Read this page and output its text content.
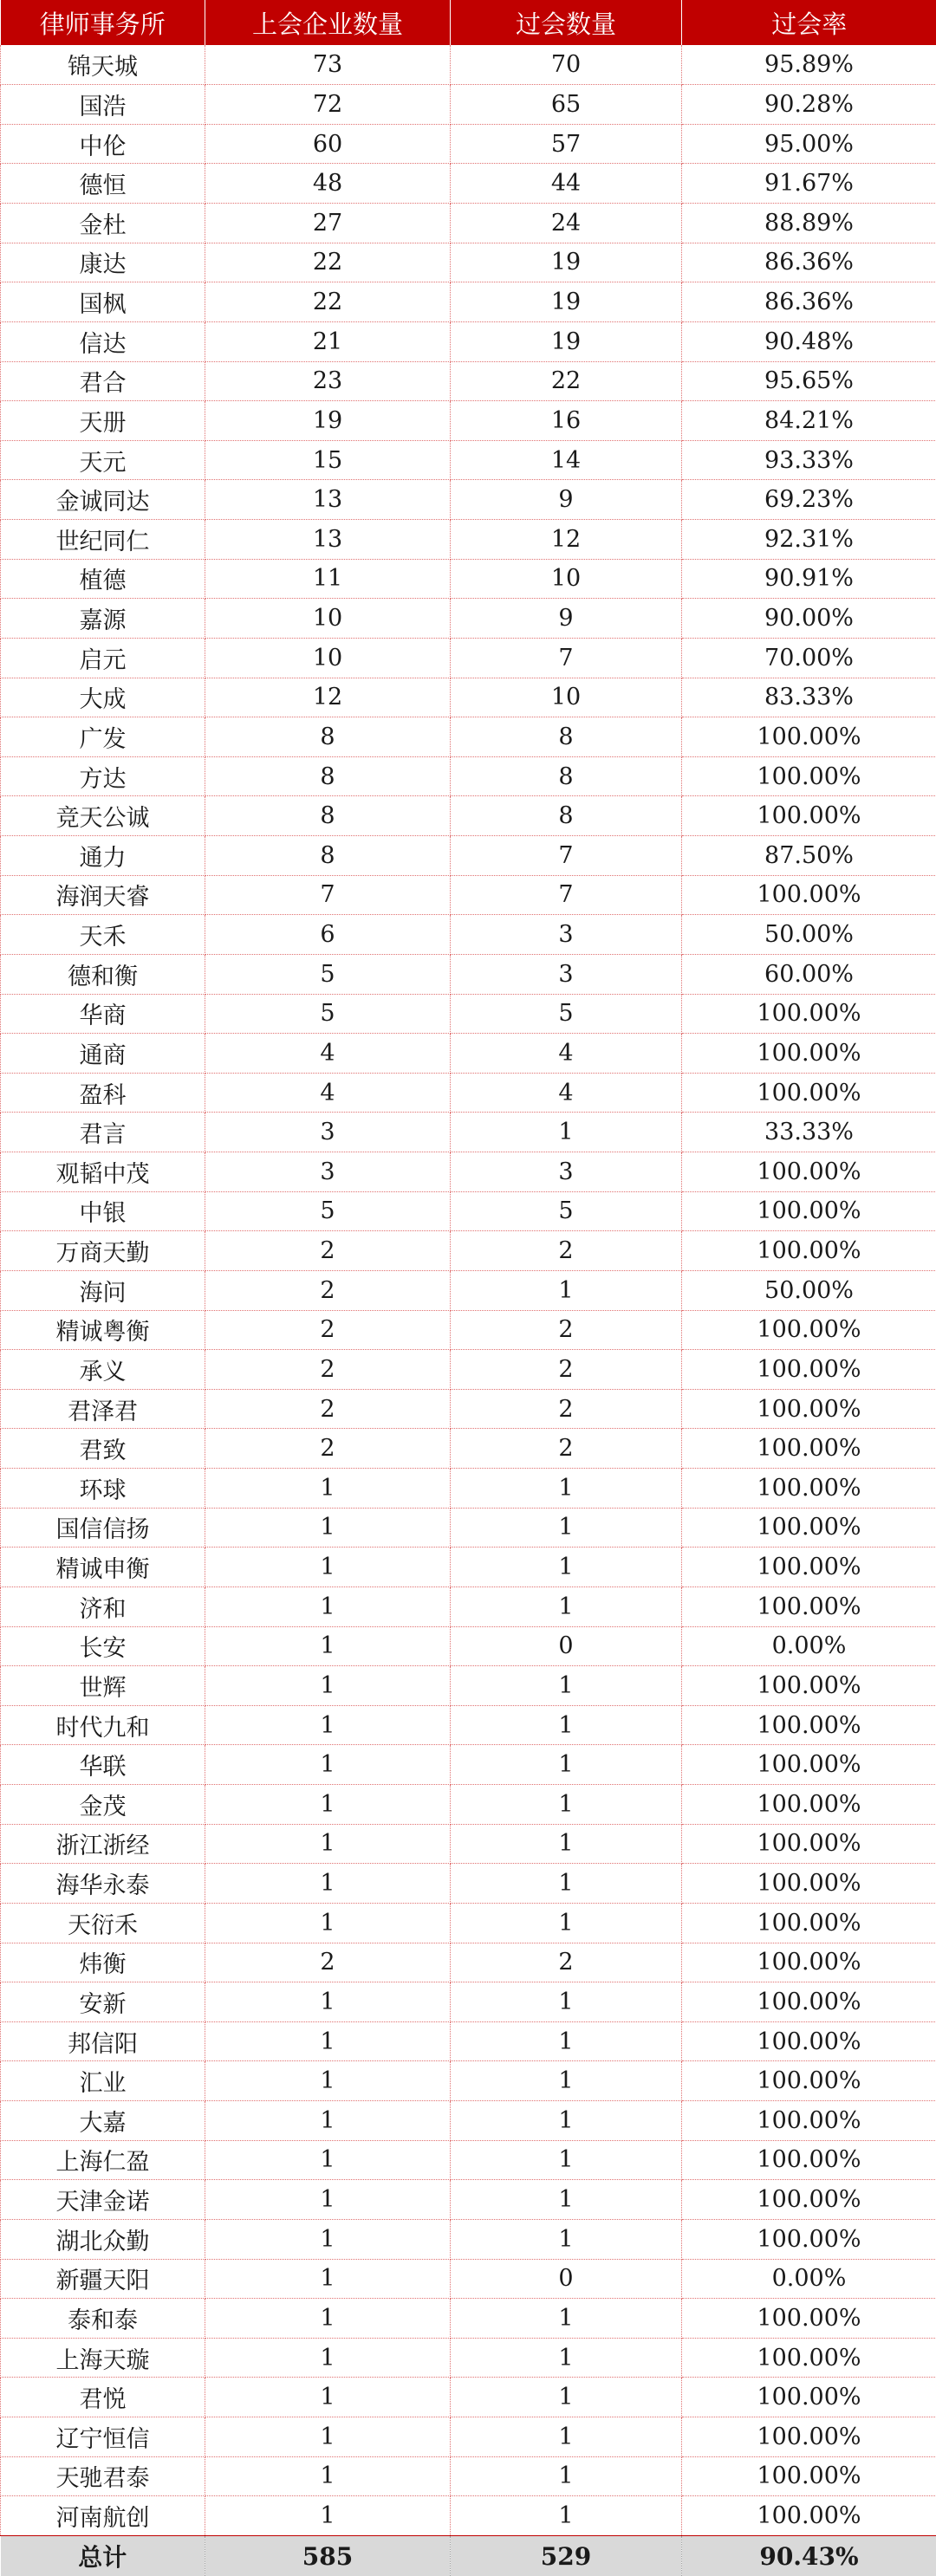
律师事务所	上会企业数量	过会数量	过会率
锦天城	73	70	95.89%
国浩	72	65	90.28%
中伦	60	57	95.00%
德恒	48	44	91.67%
金杜	27	24	88.89%
康达	22	19	86.36%
国枫	22	19	86.36%
信达	21	19	90.48%
君合	23	22	95.65%
天册	19	16	84.21%
天元	15	14	93.33%
金诚同达	13	9	69.23%
世纪同仁	13	12	92.31%
植德	11	10	90.91%
嘉源	10	9	90.00%
启元	10	7	70.00%
大成	12	10	83.33%
广发	8	8	100.00%
方达	8	8	100.00%
竞天公诚	8	8	100.00%
通力	8	7	87.50%
海润天睿	7	7	100.00%
天禾	6	3	50.00%
德和衡	5	3	60.00%
华商	5	5	100.00%
通商	4	4	100.00%
盈科	4	4	100.00%
君言	3	1	33.33%
观韬中茂	3	3	100.00%
中银	5	5	100.00%
万商天勤	2	2	100.00%
海问	2	1	50.00%
精诚粤衡	2	2	100.00%
承义	2	2	100.00%
君泽君	2	2	100.00%
君致	2	2	100.00%
环球	1	1	100.00%
国信信扬	1	1	100.00%
精诚申衡	1	1	100.00%
济和	1	1	100.00%
长安	1	0	0.00%
世辉	1	1	100.00%
时代九和	1	1	100.00%
华联	1	1	100.00%
金茂	1	1	100.00%
浙江浙经	1	1	100.00%
海华永泰	1	1	100.00%
天衍禾	1	1	100.00%
炜衡	2	2	100.00%
安新	1	1	100.00%
邦信阳	1	1	100.00%
汇业	1	1	100.00%
大嘉	1	1	100.00%
上海仁盈	1	1	100.00%
天津金诺	1	1	100.00%
湖北众勤	1	1	100.00%
新疆天阳	1	0	0.00%
泰和泰	1	1	100.00%
上海天璇	1	1	100.00%
君悦	1	1	100.00%
辽宁恒信	1	1	100.00%
天驰君泰	1	1	100.00%
河南航创	1	1	100.00%
总计	585	529	90.43%
